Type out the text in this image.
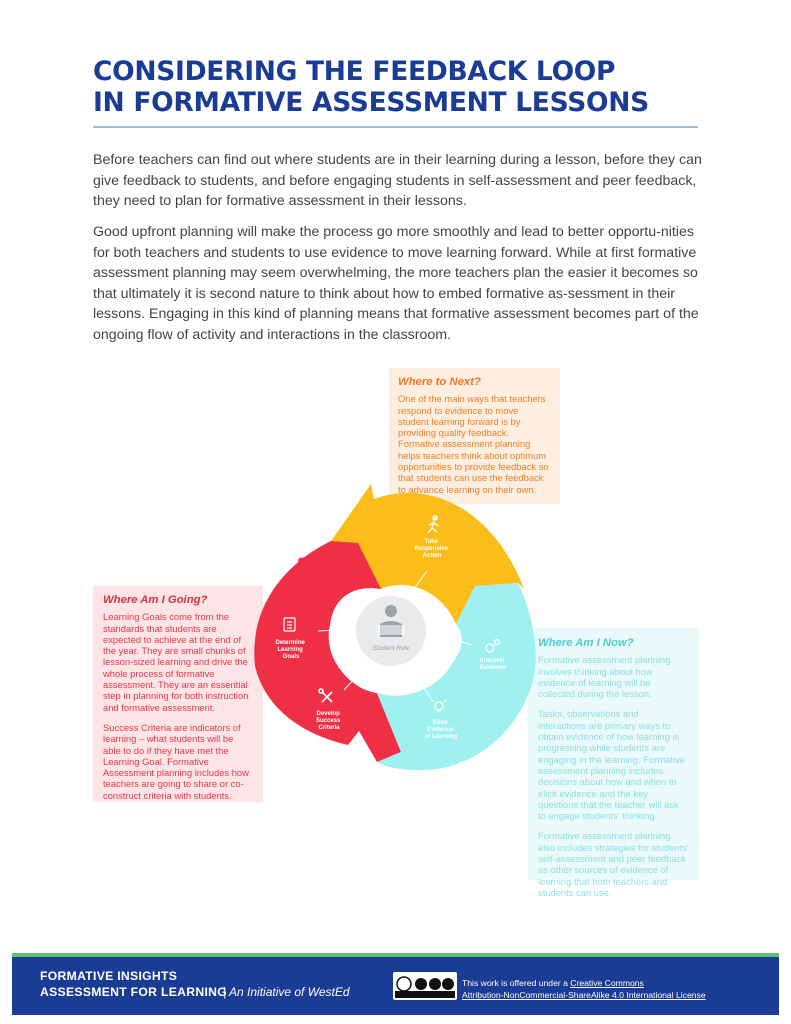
CONSIDERING THE FEEDBACK LOOP
IN FORMATIVE ASSESSMENT LESSONS

Before teachers can find out where students are in their learning during a lesson, before they can give feedback to students, and before engaging students in self-assessment and peer feedback, they need to plan for formative assessment in their lessons.

Good upfront planning will make the process go more smoothly and lead to better opportu-nities for both teachers and students to use evidence to move learning forward. While at first formative assessment planning may seem overwhelming, the more teachers plan the easier it becomes so that ultimately it is second nature to think about how to embed formative as-sessment in their lessons. Engaging in this kind of planning means that formative assessment becomes part of the ongoing flow of activity and interactions in the classroom.

Where to Next?

One of the main ways that teachers respond to evidence to move student learning forward is by providing quality feedback. Formative assessment planning helps teachers think about optimum opportunities to provide feedback so that students can use the feedback to advance learning on their own.

Where Am I Going?

Learning Goals come from the standards that students are expected to achieve at the end of the year. They are small chunks of lesson-sized learning and drive the whole process of formative assessment. They are an essential step in planning for both instruction and formative assessment.

Success Criteria are indicators of learning – what students will be able to do if they have met the Learning Goal. Formative Assessment planning includes how teachers are going to share or co-construct criteria with students.

Where Am I Now?

Formative assessment planning involves thinking about how evidence of learning will be collected during the lesson.

Tasks, observations and interactions are primary ways to obtain evidence of how learning is progressing while students are engaging in the learning. Formative assessment planning includes decisions about how and when to elicit evidence and the key questions that the teacher will ask to engage students' thinking.

Formative assessment planning also includes strategies for students' self-assessment and peer feedback as other sources of evidence of learning that both teachers and students can use.

Student Role
Start
Take Responsive Action
Determine Learning Goals
Develop Success Criteria
Elicit Evidence of Learning
Interpret Evidence
FORMATIVE INSIGHTS
ASSESSMENT FOR LEARNING
| An Initiative of WestEd
This work is offered under a Creative Commons
Attribution-NonCommercial-ShareAlike 4.0 International License
